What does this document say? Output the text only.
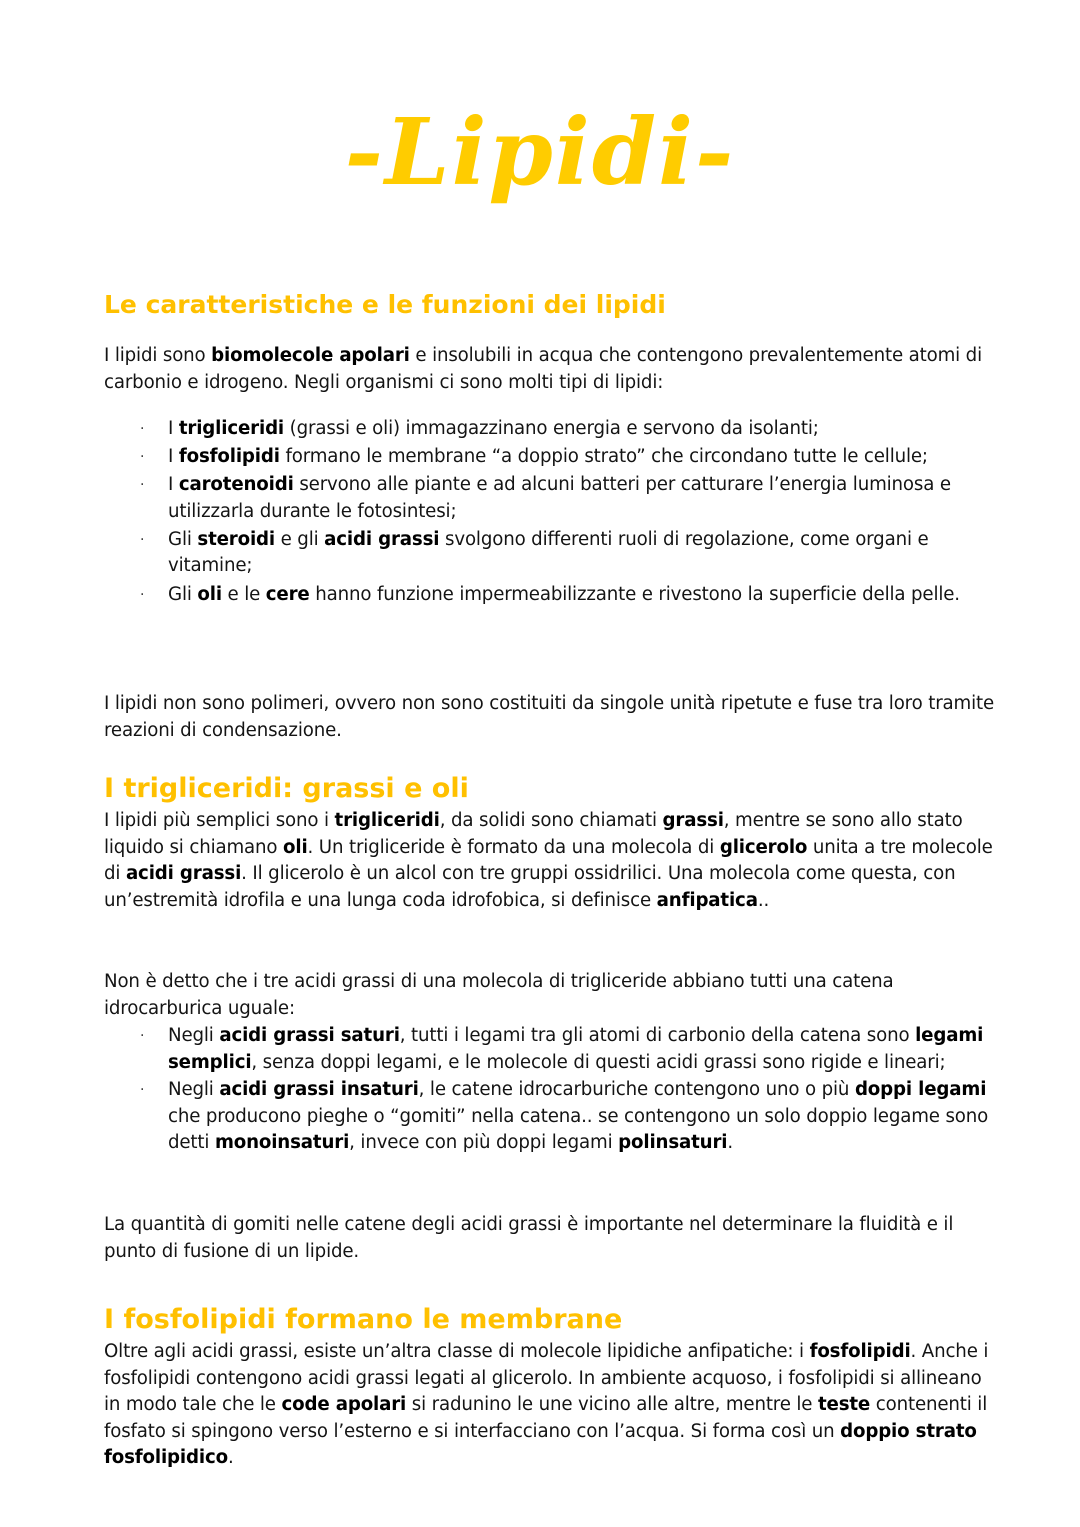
-Lipidi-
Le caratteristiche e le funzioni dei lipidi

I lipidi sono biomolecole apolari e insolubili in acqua che contengono prevalentemente atomi di carbonio e idrogeno. Negli organismi ci sono molti tipi di lipidi:

· I trigliceridi (grassi e oli) immagazzinano energia e servono da isolanti;
· I fosfolipidi formano le membrane “a doppio strato” che circondano tutte le cellule;
· I carotenoidi servono alle piante e ad alcuni batteri per catturare l’energia luminosa e utilizzarla durante le fotosintesi;
· Gli steroidi e gli acidi grassi svolgono differenti ruoli di regolazione, come organi e vitamine;
· Gli oli e le cere hanno funzione impermeabilizzante e rivestono la superficie della pelle.

I lipidi non sono polimeri, ovvero non sono costituiti da singole unità ripetute e fuse tra loro tramite reazioni di condensazione.

I trigliceridi: grassi e oli

I lipidi più semplici sono i trigliceridi, da solidi sono chiamati grassi, mentre se sono allo stato liquido si chiamano oli. Un trigliceride è formato da una molecola di glicerolo unita a tre molecole di acidi grassi. Il glicerolo è un alcol con tre gruppi ossidrilici. Una molecola come questa, con un’estremità idrofila e una lunga coda idrofobica, si definisce anfipatica..

Non è detto che i tre acidi grassi di una molecola di trigliceride abbiano tutti una catena idrocarburica uguale:

· Negli acidi grassi saturi, tutti i legami tra gli atomi di carbonio della catena sono legami semplici, senza doppi legami, e le molecole di questi acidi grassi sono rigide e lineari;
· Negli acidi grassi insaturi, le catene idrocarburiche contengono uno o più doppi legami che producono pieghe o “gomiti” nella catena.. se contengono un solo doppio legame sono detti monoinsaturi, invece con più doppi legami polinsaturi.

La quantità di gomiti nelle catene degli acidi grassi è importante nel determinare la fluidità e il punto di fusione di un lipide.

I fosfolipidi formano le membrane

Oltre agli acidi grassi, esiste un’altra classe di molecole lipidiche anfipatiche: i fosfolipidi. Anche i fosfolipidi contengono acidi grassi legati al glicerolo. In ambiente acquoso, i fosfolipidi si allineano in modo tale che le code apolari si radunino le une vicino alle altre, mentre le teste contenenti il fosfato si spingono verso l’esterno e si interfacciano con l’acqua. Si forma così un doppio strato fosfolipidico.
